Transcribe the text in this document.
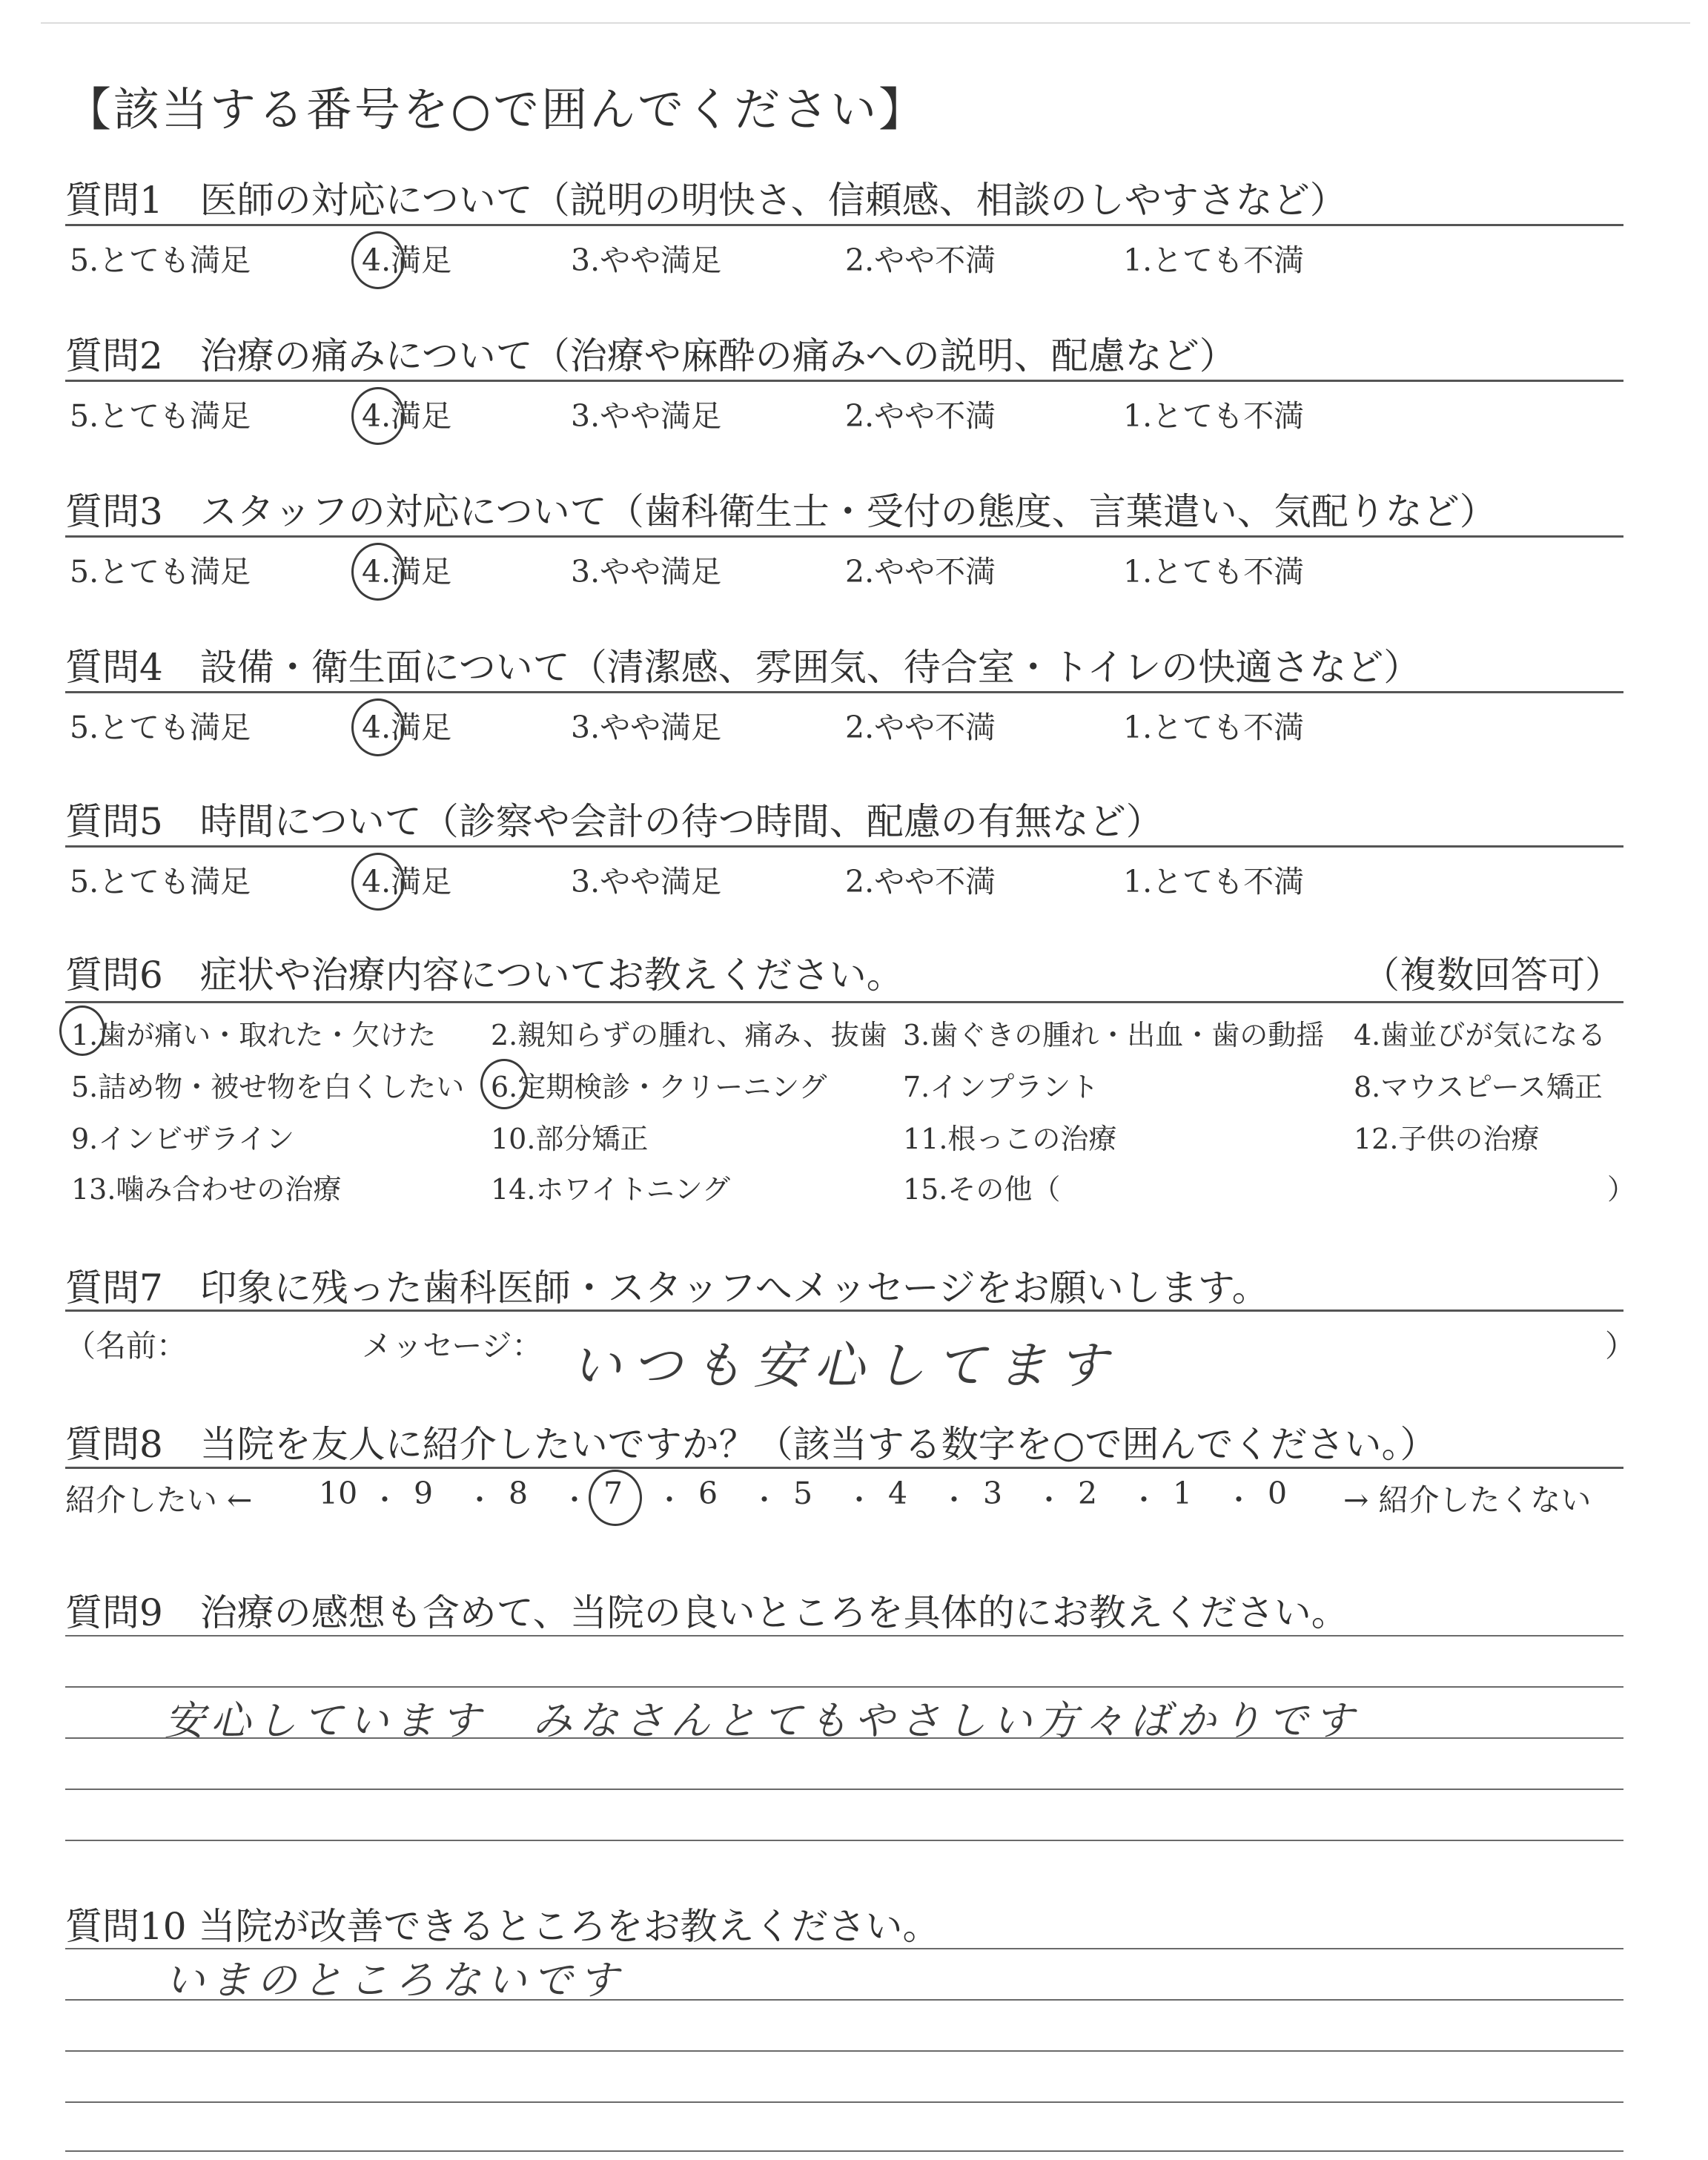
【該当する番号を○で囲んでください】
質問1　医師の対応について（説明の明快さ、信頼感、相談のしやすさなど）
5.とても満足	4.満足	3.やや満足	2.やや不満	1.とても不満
質問2　治療の痛みについて（治療や麻酔の痛みへの説明、配慮など）
5.とても満足	4.満足	3.やや満足	2.やや不満	1.とても不満
質問3　スタッフの対応について（歯科衛生士・受付の態度、言葉遣い、気配りなど）
5.とても満足	4.満足	3.やや満足	2.やや不満	1.とても不満
質問4　設備・衛生面について（清潔感、雰囲気、待合室・トイレの快適さなど）
5.とても満足	4.満足	3.やや満足	2.やや不満	1.とても不満
質問5　時間について（診察や会計の待つ時間、配慮の有無など）
5.とても満足	4.満足	3.やや満足	2.やや不満	1.とても不満
質問6　症状や治療内容についてお教えください。	（複数回答可）
1.歯が痛い・取れた・欠けた 2.親知らずの腫れ、痛み、抜歯 3.歯ぐきの腫れ・出血・歯の動揺 4.歯並びが気になる
5.詰め物・被せ物を白くしたい 6.定期検診・クリーニング	7.インプラント	8.マウスピース矯正
9.インビザライン	10.部分矯正	11.根っこの治療	12.子供の治療
13.噛み合わせの治療	14.ホワイトニング	15.その他（	）
質問7　印象に残った歯科医師・スタッフへメッセージをお願いします。
（名前：	メッセージ：	）
いつも安心してます
質問8　当院を友人に紹介したいですか？（該当する数字を○で囲んでください。）
紹介したい ←	→ 紹介したくない
10 ・ 9 ・ 8 ・ 7 ・ 6 ・ 5 ・ 4 ・ 3 ・ 2 ・ 1 ・ 0
質問9　治療の感想も含めて、当院の良いところを具体的にお教えください。
安心しています　みなさんとてもやさしい方々ばかりです
質問10 当院が改善できるところをお教えください。
いまのところないです
